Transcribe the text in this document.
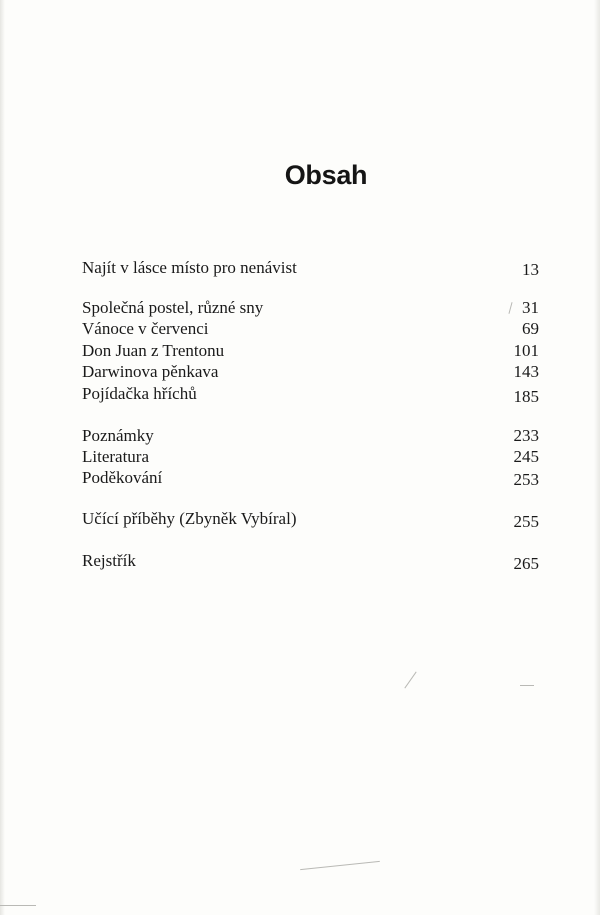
Obsah
Najít v lásce místo pro nenávist	13
Společná postel, různé sny	31
Vánoce v červenci	69
Don Juan z Trentonu	101
Darwinova pěnkava	143
Pojídačka hříchů	185
Poznámky	233
Literatura	245
Poděkování	253
Učící příběhy (Zbyněk Vybíral)	255
Rejstřík	265
